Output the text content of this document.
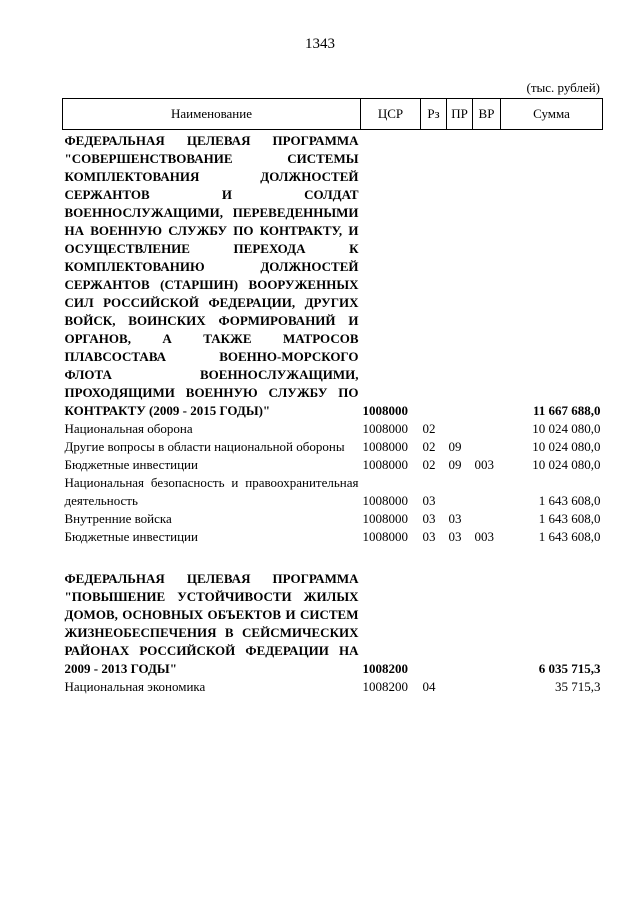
1343
(тыс. рублей)
Наименование	ЦСР	Рз	ПР	ВР	Сумма
ФЕДЕРАЛЬНАЯ ЦЕЛЕВАЯ ПРОГРАММА "СОВЕРШЕНСТВОВАНИЕ СИСТЕМЫ КОМПЛЕКТОВАНИЯ ДОЛЖНОСТЕЙ СЕРЖАНТОВ И СОЛДАТ ВОЕННОСЛУЖАЩИМИ, ПЕРЕВЕДЕННЫМИ НА ВОЕННУЮ СЛУЖБУ ПО КОНТРАКТУ, И ОСУЩЕСТВЛЕНИЕ ПЕРЕХОДА К КОМПЛЕКТОВАНИЮ ДОЛЖНОСТЕЙ СЕРЖАНТОВ (СТАРШИН) ВООРУЖЕННЫХ СИЛ РОССИЙСКОЙ ФЕДЕРАЦИИ, ДРУГИХ ВОЙСК, ВОИНСКИХ ФОРМИРОВАНИЙ И ОРГАНОВ, А ТАКЖЕ МАТРОСОВ ПЛАВСОСТАВА ВОЕННО-МОРСКОГО ФЛОТА ВОЕННОСЛУЖАЩИМИ, ПРОХОДЯЩИМИ ВОЕННУЮ СЛУЖБУ ПО КОНТРАКТУ (2009 - 2015 ГОДЫ)"	1008000				11 667 688,0
Национальная оборона	1008000	02			10 024 080,0
Другие вопросы в области национальной обороны	1008000	02	09		10 024 080,0
Бюджетные инвестиции	1008000	02	09	003	10 024 080,0
Национальная безопасность и правоохранительная деятельность	1008000	03			1 643 608,0
Внутренние войска	1008000	03	03		1 643 608,0
Бюджетные инвестиции	1008000	03	03	003	1 643 608,0

ФЕДЕРАЛЬНАЯ ЦЕЛЕВАЯ ПРОГРАММА "ПОВЫШЕНИЕ УСТОЙЧИВОСТИ ЖИЛЫХ ДОМОВ, ОСНОВНЫХ ОБЪЕКТОВ И СИСТЕМ ЖИЗНЕОБЕСПЕЧЕНИЯ В СЕЙСМИЧЕСКИХ РАЙОНАХ РОССИЙСКОЙ ФЕДЕРАЦИИ НА 2009 - 2013 ГОДЫ"	1008200				6 035 715,3
Национальная экономика	1008200	04			35 715,3
